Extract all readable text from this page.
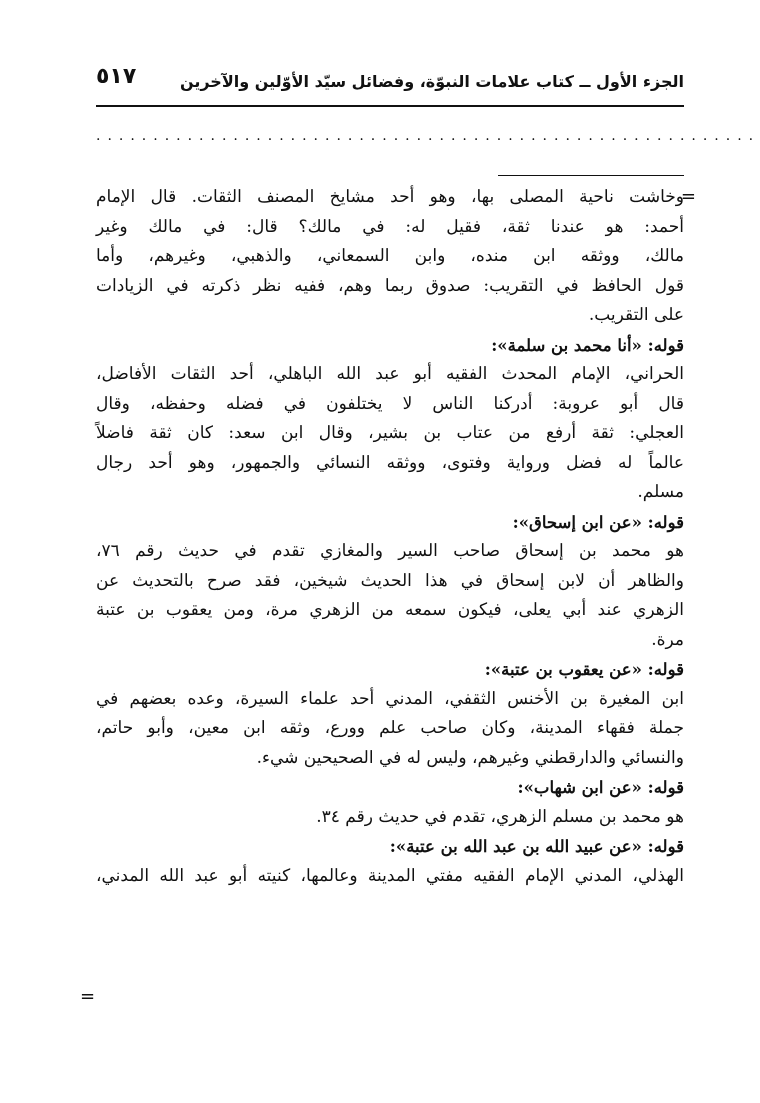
الجزء الأول ــ كتاب علامات النبوّة، وفضائل سيّد الأوّلين والآخرين
٥١٧
..........................................................
=
وخاشت ناحية المصلى بها، وهو أحد مشايخ المصنف الثقات. قال الإمام
أحمد: هو عندنا ثقة، فقيل له: في مالك؟ قال: في مالك وغير
مالك، ووثقه ابن منده، وابن السمعاني، والذهبي، وغيرهم، وأما
قول الحافظ في التقريب: صدوق ربما وهم، ففيه نظر ذكرته في الزيادات
على التقريب.
قوله: «أنا محمد بن سلمة»:
الحراني، الإمام المحدث الفقيه أبو عبد الله الباهلي، أحد الثقات الأفاضل،
قال أبو عروبة: أدركنا الناس لا يختلفون في فضله وحفظه، وقال
العجلي: ثقة أرفع من عتاب بن بشير، وقال ابن سعد: كان ثقة فاضلاً
عالماً له فضل ورواية وفتوى، ووثقه النسائي والجمهور، وهو أحد رجال
مسلم.
قوله: «عن ابن إسحاق»:
هو محمد بن إسحاق صاحب السير والمغازي تقدم في حديث رقم ٧٦،
والظاهر أن لابن إسحاق في هذا الحديث شيخين، فقد صرح بالتحديث عن
الزهري عند أبي يعلى، فيكون سمعه من الزهري مرة، ومن يعقوب بن عتبة
مرة.
قوله: «عن يعقوب بن عتبة»:
ابن المغيرة بن الأخنس الثقفي، المدني أحد علماء السيرة، وعده بعضهم في
جملة فقهاء المدينة، وكان صاحب علم وورع، وثقه ابن معين، وأبو حاتم،
والنسائي والدارقطني وغيرهم، وليس له في الصحيحين شيء.
قوله: «عن ابن شهاب»:
هو محمد بن مسلم الزهري، تقدم في حديث رقم ٣٤.
قوله: «عن عبيد الله بن عبد الله بن عتبة»:
الهذلي، المدني الإمام الفقيه مفتي المدينة وعالمها، كنيته أبو عبد الله المدني،
=
